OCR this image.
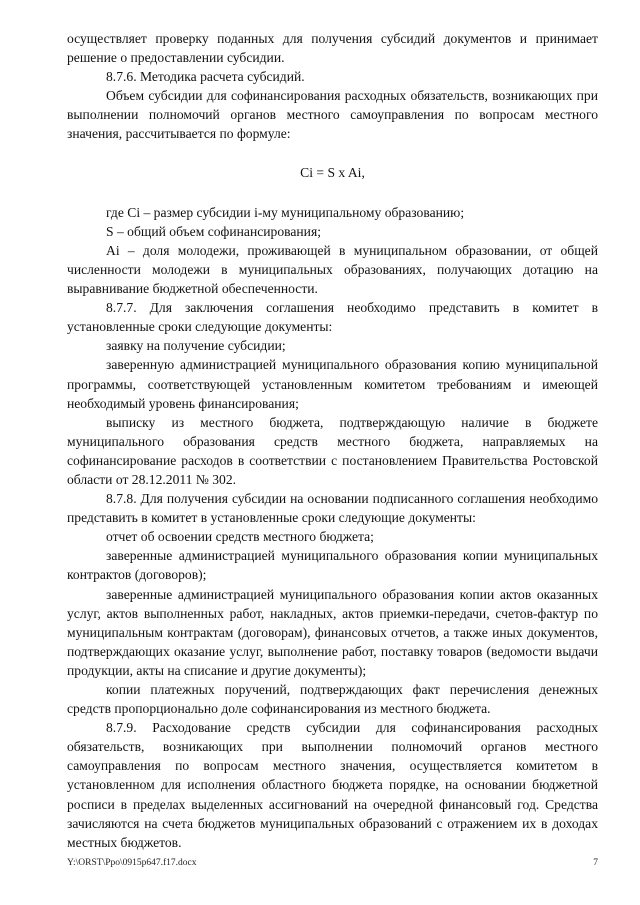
осуществляет проверку поданных для получения субсидий документов и принимает решение о предоставлении субсидии.

8.7.6. Методика расчета субсидий.

Объем субсидии для софинансирования расходных обязательств, возникающих при выполнении полномочий органов местного самоуправления по вопросам местного значения, рассчитывается по формуле:

Ci = S x Ai,

где Ci – размер субсидии i-му муниципальному образованию;

S – общий объем софинансирования;

Ai – доля молодежи, проживающей в муниципальном образовании, от общей численности молодежи в муниципальных образованиях, получающих дотацию на выравнивание бюджетной обеспеченности.

8.7.7. Для заключения соглашения необходимо представить в комитет в установленные сроки следующие документы:

заявку на получение субсидии;

заверенную администрацией муниципального образования копию муниципальной программы, соответствующей установленным комитетом требованиям и имеющей необходимый уровень финансирования;

выписку из местного бюджета, подтверждающую наличие в бюджете муниципального образования средств местного бюджета, направляемых на софинансирование расходов в соответствии с постановлением Правительства Ростовской области от 28.12.2011 № 302.

8.7.8. Для получения субсидии на основании подписанного соглашения необходимо представить в комитет в установленные сроки следующие документы:

отчет об освоении средств местного бюджета;

заверенные администрацией муниципального образования копии муниципальных контрактов (договоров);

заверенные администрацией муниципального образования копии актов оказанных услуг, актов выполненных работ, накладных, актов приемки-передачи, счетов-фактур по муниципальным контрактам (договорам), финансовых отчетов, а также иных документов, подтверждающих оказание услуг, выполнение работ, поставку товаров (ведомости выдачи продукции, акты на списание и другие документы);

копии платежных поручений, подтверждающих факт перечисления денежных средств пропорционально доле софинансирования из местного бюджета.

8.7.9. Расходование средств субсидии для софинансирования расходных обязательств, возникающих при выполнении полномочий органов местного самоуправления по вопросам местного значения, осуществляется комитетом в установленном для исполнения областного бюджета порядке, на основании бюджетной росписи в пределах выделенных ассигнований на очередной финансовый год. Средства зачисляются на счета бюджетов муниципальных образований с отражением их в доходах местных бюджетов.

Y:\ORST\Ppo\0915p647.f17.docx	7
